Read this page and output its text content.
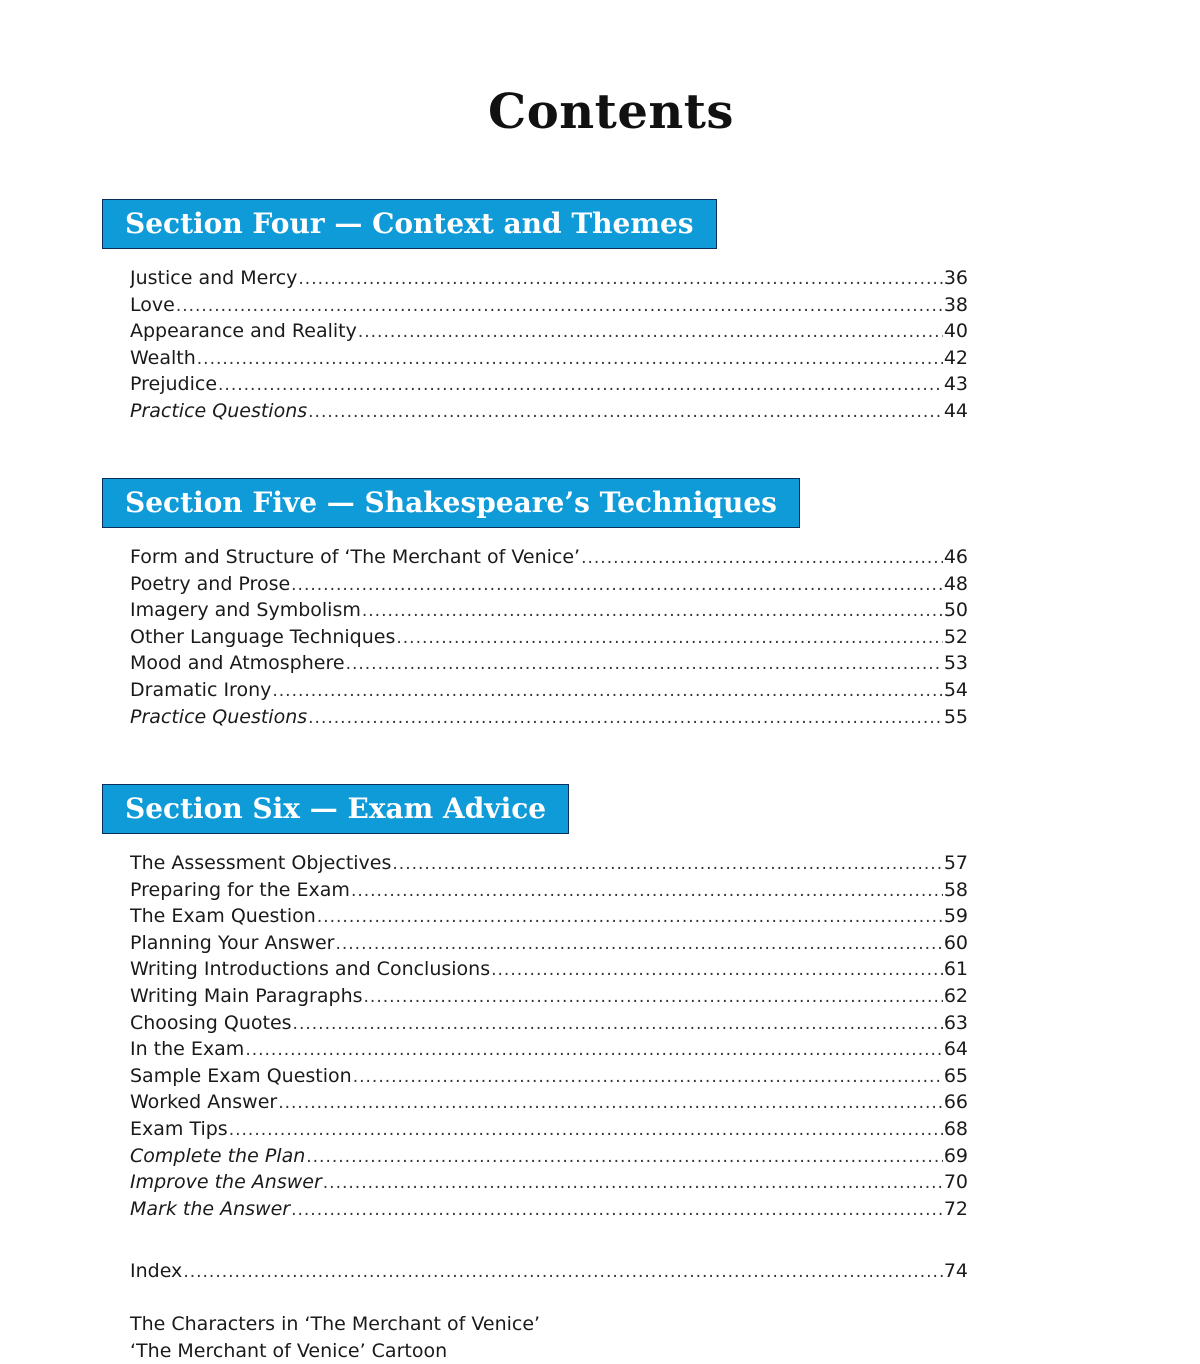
Contents
Section Four — Context and Themes
Justice and Mercy .....	36
Love .....	38
Appearance and Reality .....	40
Wealth .....	42
Prejudice .....	43
Practice Questions .....	44
Section Five — Shakespeare’s Techniques
Form and Structure of ‘The Merchant of Venice’ .....	46
Poetry and Prose .....	48
Imagery and Symbolism .....	50
Other Language Techniques .....	52
Mood and Atmosphere .....	53
Dramatic Irony .....	54
Practice Questions .....	55
Section Six — Exam Advice
The Assessment Objectives .....	57
Preparing for the Exam .....	58
The Exam Question .....	59
Planning Your Answer .....	60
Writing Introductions and Conclusions .....	61
Writing Main Paragraphs .....	62
Choosing Quotes .....	63
In the Exam .....	64
Sample Exam Question .....	65
Worked Answer .....	66
Exam Tips .....	68
Complete the Plan .....	69
Improve the Answer .....	70
Mark the Answer .....	72
Index .....	74
The Characters in ‘The Merchant of Venice’
‘The Merchant of Venice’ Cartoon
